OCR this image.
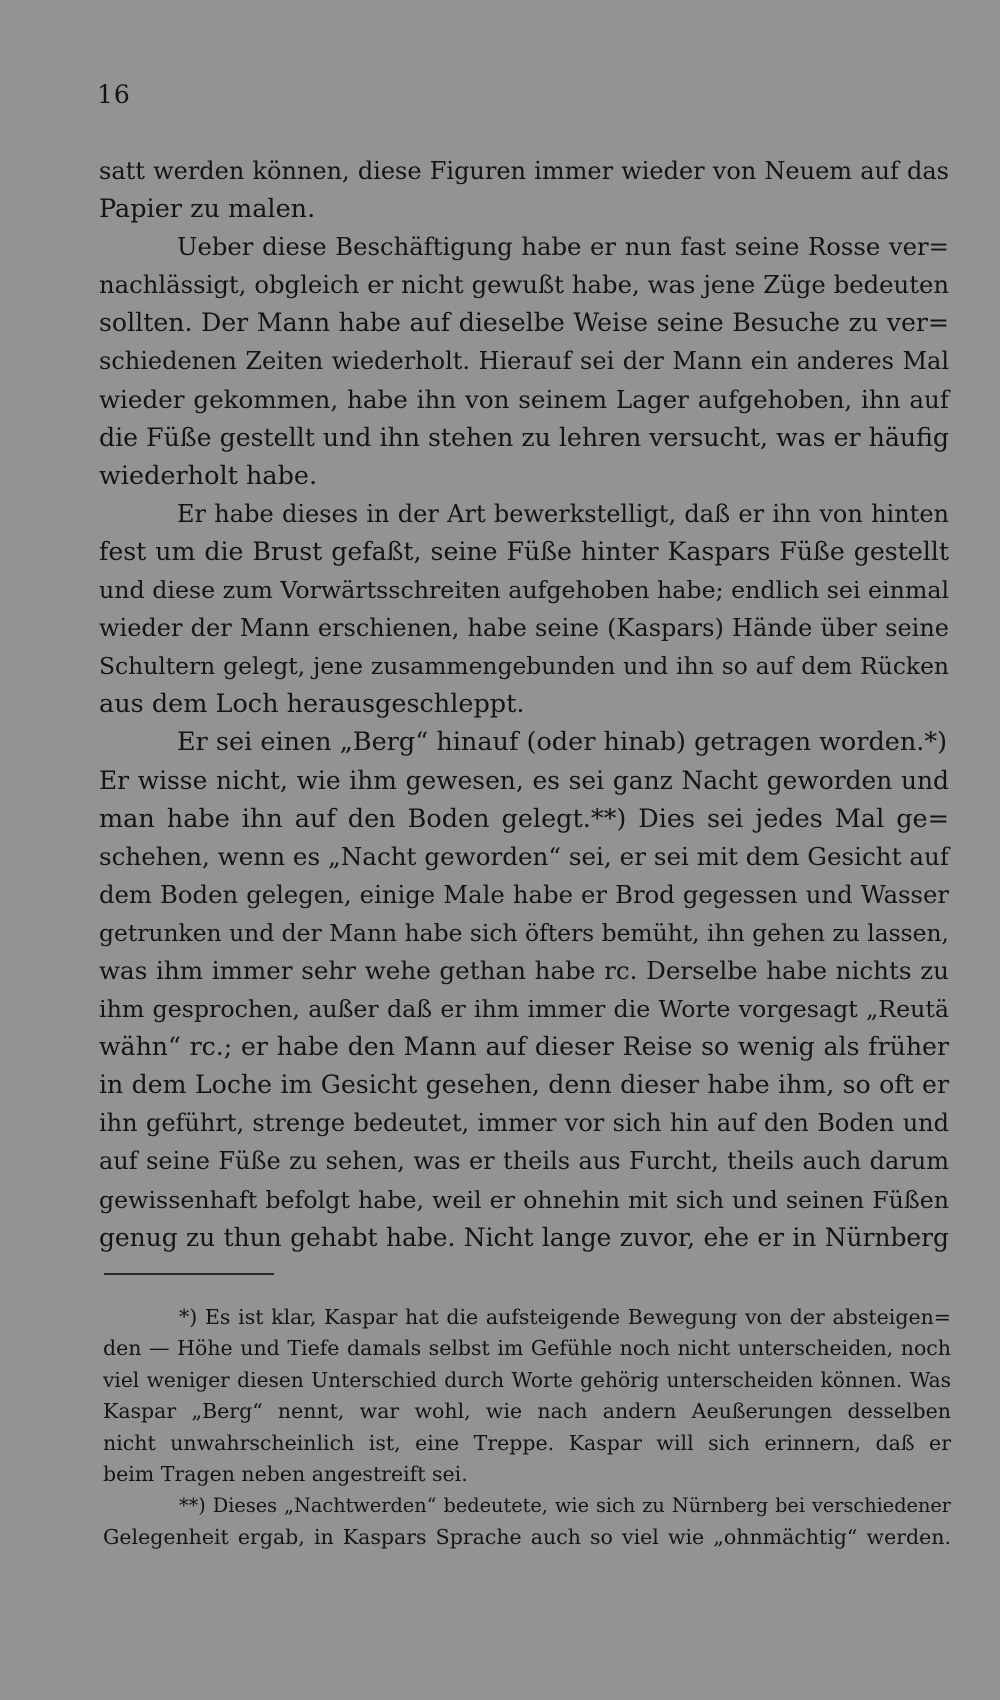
16
satt werden können, diese Figuren immer wieder von Neuem auf das
Papier zu malen.
Ueber diese Beschäftigung habe er nun fast seine Rosse ver=
nachlässigt, obgleich er nicht gewußt habe, was jene Züge bedeuten
sollten. Der Mann habe auf dieselbe Weise seine Besuche zu ver=
schiedenen Zeiten wiederholt. Hierauf sei der Mann ein anderes Mal
wieder gekommen, habe ihn von seinem Lager aufgehoben, ihn auf
die Füße gestellt und ihn stehen zu lehren versucht, was er häufig
wiederholt habe.
Er habe dieses in der Art bewerkstelligt, daß er ihn von hinten
fest um die Brust gefaßt, seine Füße hinter Kaspars Füße gestellt
und diese zum Vorwärtsschreiten aufgehoben habe; endlich sei einmal
wieder der Mann erschienen, habe seine (Kaspars) Hände über seine
Schultern gelegt, jene zusammengebunden und ihn so auf dem Rücken
aus dem Loch herausgeschleppt.
Er sei einen „Berg“ hinauf (oder hinab) getragen worden.*)
Er wisse nicht, wie ihm gewesen, es sei ganz Nacht geworden und
man habe ihn auf den Boden gelegt.**) Dies sei jedes Mal ge=
schehen, wenn es „Nacht geworden“ sei, er sei mit dem Gesicht auf
dem Boden gelegen, einige Male habe er Brod gegessen und Wasser
getrunken und der Mann habe sich öfters bemüht, ihn gehen zu lassen,
was ihm immer sehr wehe gethan habe rc. Derselbe habe nichts zu
ihm gesprochen, außer daß er ihm immer die Worte vorgesagt „Reutä
wähn“ rc.; er habe den Mann auf dieser Reise so wenig als früher
in dem Loche im Gesicht gesehen, denn dieser habe ihm, so oft er
ihn geführt, strenge bedeutet, immer vor sich hin auf den Boden und
auf seine Füße zu sehen, was er theils aus Furcht, theils auch darum
gewissenhaft befolgt habe, weil er ohnehin mit sich und seinen Füßen
genug zu thun gehabt habe. Nicht lange zuvor, ehe er in Nürnberg
*) Es ist klar, Kaspar hat die aufsteigende Bewegung von der absteigen=
den — Höhe und Tiefe damals selbst im Gefühle noch nicht unterscheiden, noch
viel weniger diesen Unterschied durch Worte gehörig unterscheiden können. Was
Kaspar „Berg“ nennt, war wohl, wie nach andern Aeußerungen desselben
nicht unwahrscheinlich ist, eine Treppe. Kaspar will sich erinnern, daß er
beim Tragen neben angestreift sei.
**) Dieses „Nachtwerden“ bedeutete, wie sich zu Nürnberg bei verschiedener
Gelegenheit ergab, in Kaspars Sprache auch so viel wie „ohnmächtig“ werden.
